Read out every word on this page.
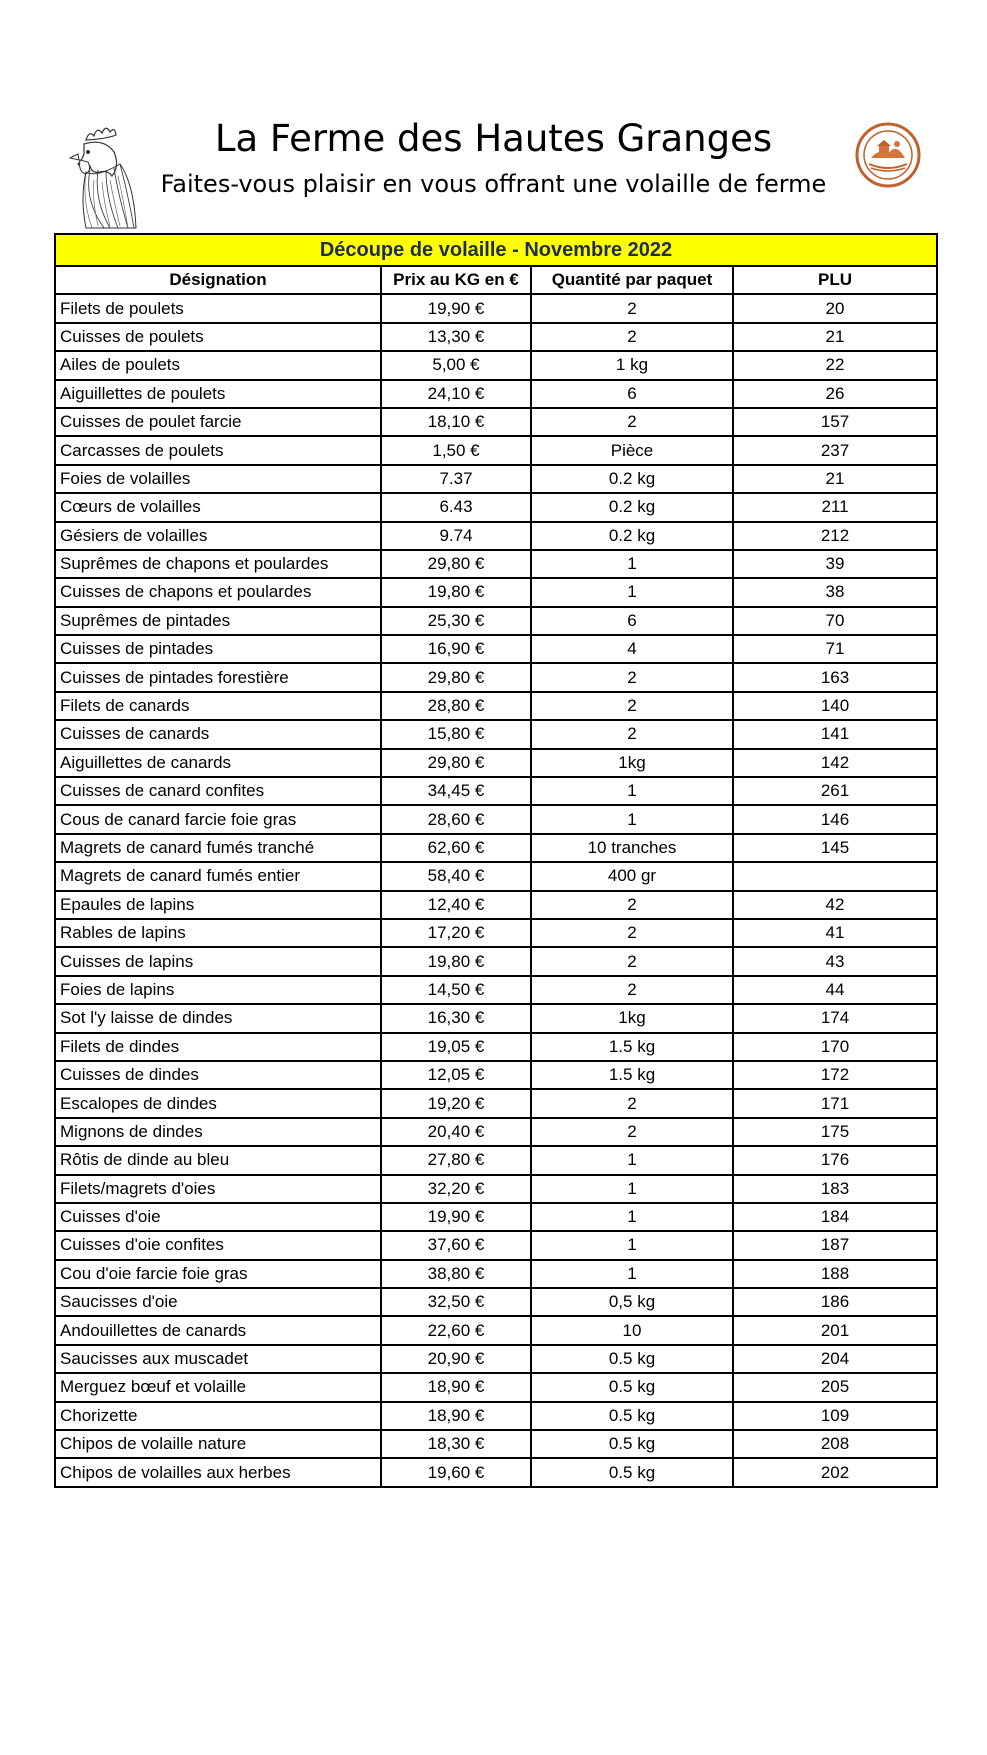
La Ferme des Hautes Granges
Faites-vous plaisir en vous offrant une volaille de ferme
Découpe de volaille - Novembre 2022			
Désignation	Prix au KG en €	Quantité par paquet	PLU
Filets de poulets	19,90 €	2	20
Cuisses de poulets	13,30 €	2	21
Ailes de poulets	5,00 €	1 kg	22
Aiguillettes de poulets	24,10 €	6	26
Cuisses de poulet farcie	18,10 €	2	157
Carcasses de poulets	1,50 €	Pièce	237
Foies de volailles	7.37	0.2 kg	21
Cœurs de volailles	6.43	0.2 kg	211
Gésiers de volailles	9.74	0.2 kg	212
Suprêmes de chapons et poulardes	29,80 €	1	39
Cuisses de chapons et poulardes	19,80 €	1	38
Suprêmes de pintades	25,30 €	6	70
Cuisses de pintades	16,90 €	4	71
Cuisses de pintades forestière	29,80 €	2	163
Filets de canards	28,80 €	2	140
Cuisses de canards	15,80 €	2	141
Aiguillettes de canards	29,80 €	1kg	142
Cuisses de canard confites	34,45 €	1	261
Cous de canard farcie foie gras	28,60 €	1	146
Magrets de canard fumés tranché	62,60 €	10 tranches	145
Magrets de canard fumés entier	58,40 €	400 gr	
Epaules de lapins	12,40 €	2	42
Rables de lapins	17,20 €	2	41
Cuisses de lapins	19,80 €	2	43
Foies de lapins	14,50 €	2	44
Sot l'y laisse de dindes	16,30 €	1kg	174
Filets de dindes	19,05 €	1.5 kg	170
Cuisses de dindes	12,05 €	1.5 kg	172
Escalopes de dindes	19,20 €	2	171
Mignons de dindes	20,40 €	2	175
Rôtis de dinde au bleu	27,80 €	1	176
Filets/magrets d'oies	32,20 €	1	183
Cuisses d'oie	19,90 €	1	184
Cuisses d'oie confites	37,60 €	1	187
Cou d'oie farcie foie gras	38,80 €	1	188
Saucisses d'oie	32,50 €	0,5 kg	186
Andouillettes de canards	22,60 €	10	201
Saucisses aux muscadet	20,90 €	0.5 kg	204
Merguez bœuf et volaille	18,90 €	0.5 kg	205
Chorizette	18,90 €	0.5 kg	109
Chipos de volaille nature	18,30 €	0.5 kg	208
Chipos de volailles aux herbes	19,60 €	0.5 kg	202
